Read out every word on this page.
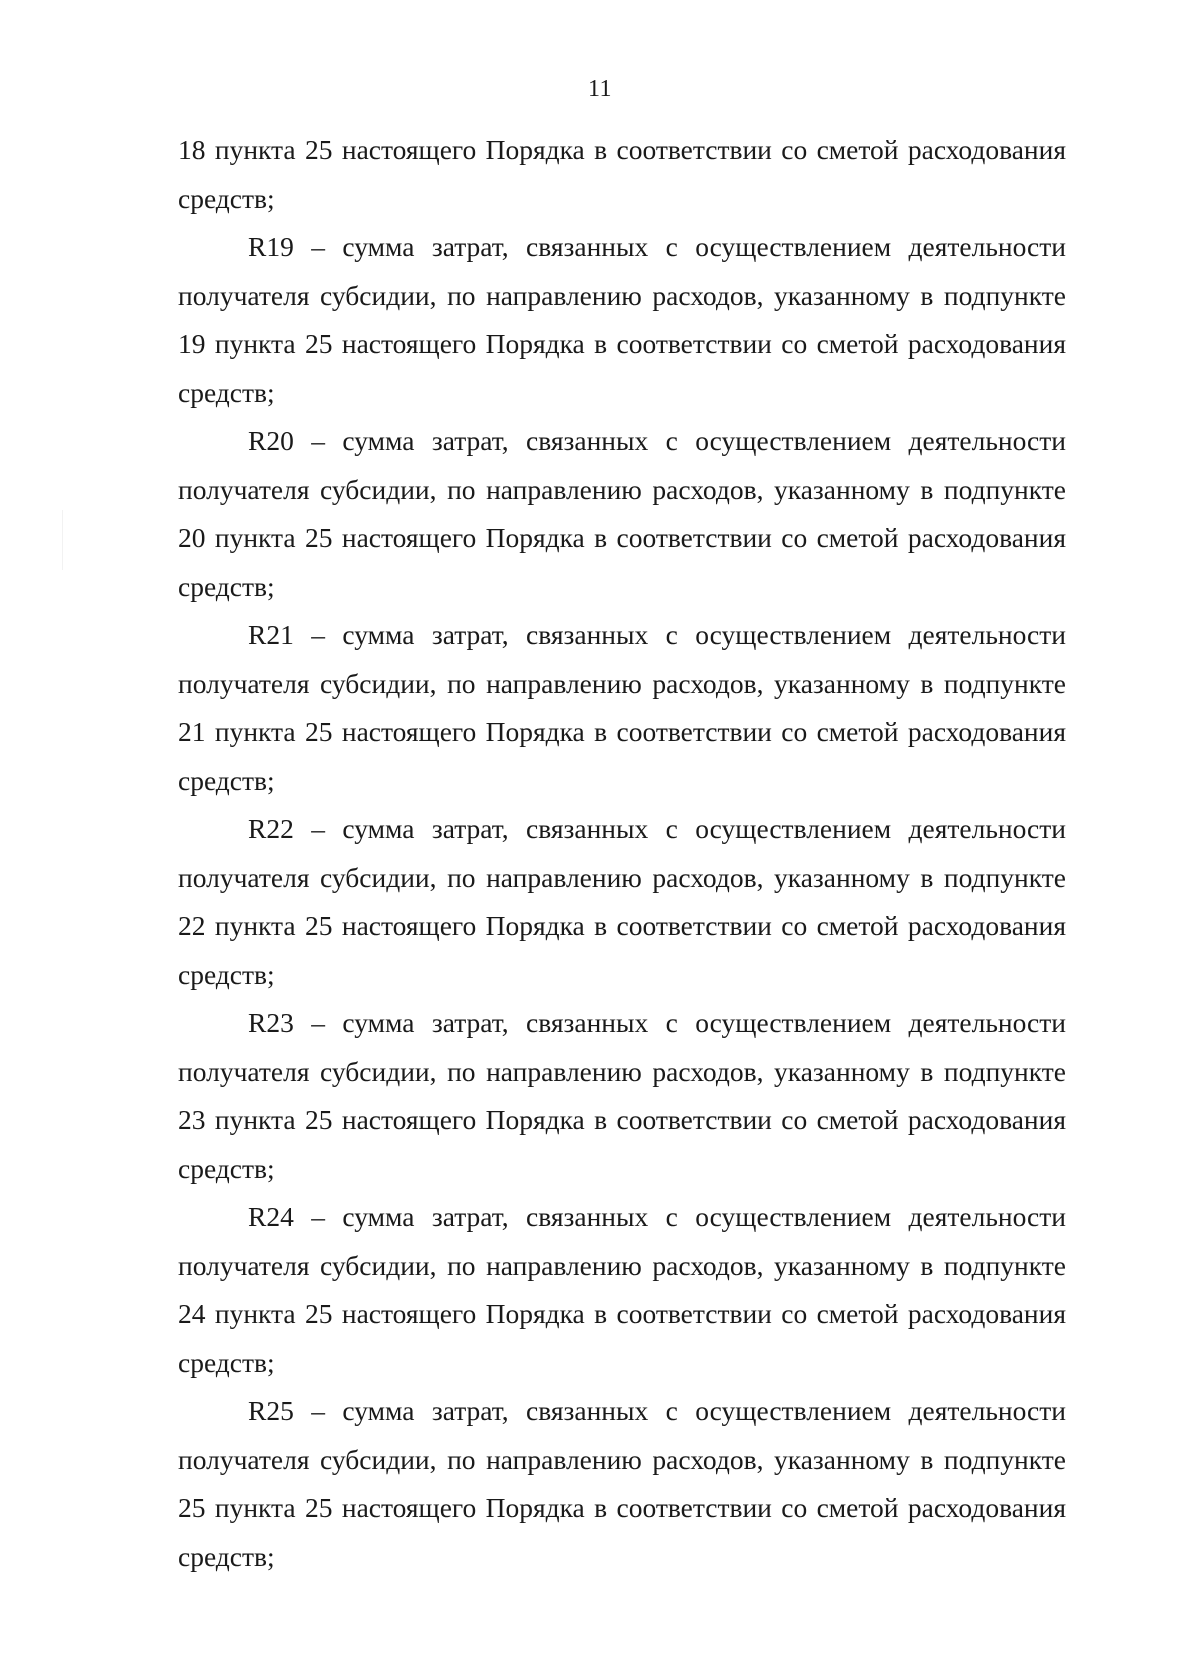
11

18 пункта 25 настоящего Порядка в соответствии со сметой расходования
средств;

R19 – сумма затрат, связанных с осуществлением деятельности

получателя субсидии, по направлению расходов, указанному в подпункте
19 пункта 25 настоящего Порядка в соответствии со сметой расходования
средств;

R20 – сумма затрат, связанных с осуществлением деятельности

получателя субсидии, по направлению расходов, указанному в подпункте
20 пункта 25 настоящего Порядка в соответствии со сметой расходования
средств;

R21 – сумма затрат, связанных с осуществлением деятельности

получателя субсидии, по направлению расходов, указанному в подпункте
21 пункта 25 настоящего Порядка в соответствии со сметой расходования
средств;

R22 – сумма затрат, связанных с осуществлением деятельности

получателя субсидии, по направлению расходов, указанному в подпункте
22 пункта 25 настоящего Порядка в соответствии со сметой расходования
средств;

R23 – сумма затрат, связанных с осуществлением деятельности

получателя субсидии, по направлению расходов, указанному в подпункте
23 пункта 25 настоящего Порядка в соответствии со сметой расходования
средств;

R24 – сумма затрат, связанных с осуществлением деятельности

получателя субсидии, по направлению расходов, указанному в подпункте
24 пункта 25 настоящего Порядка в соответствии со сметой расходования
средств;

R25 – сумма затрат, связанных с осуществлением деятельности

получателя субсидии, по направлению расходов, указанному в подпункте
25 пункта 25 настоящего Порядка в соответствии со сметой расходования
средств;
